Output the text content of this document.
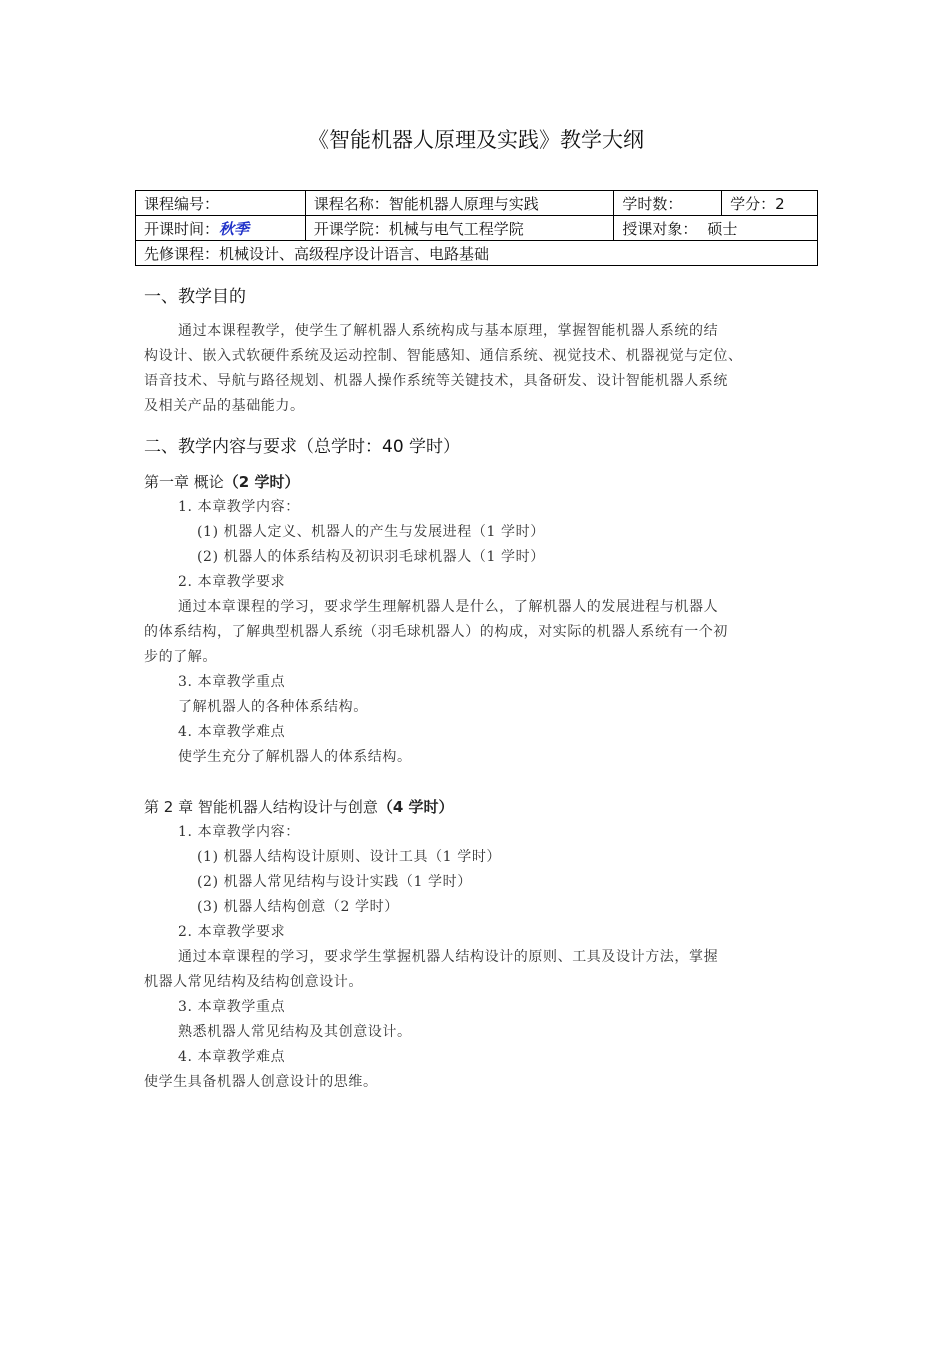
《智能机器人原理及实践》教学大纲
课程编号：	课程名称：智能机器人原理与实践	学时数：	学分：2
开课时间：秋季	开课学院：机械与电气工程学院	授课对象： 硕士	
先修课程：机械设计、高级程序设计语言、电路基础			
一、教学目的
通过本课程教学，使学生了解机器人系统构成与基本原理，掌握智能机器人系统的结
构设计、嵌入式软硬件系统及运动控制、智能感知、通信系统、视觉技术、机器视觉与定位、
语音技术、导航与路径规划、机器人操作系统等关键技术，具备研发、设计智能机器人系统
及相关产品的基础能力。
二、教学内容与要求（总学时：40 学时）
第一章 概论（2 学时）
1. 本章教学内容：
(1) 机器人定义、机器人的产生与发展进程（1 学时）
(2) 机器人的体系结构及初识羽毛球机器人（1 学时）
2. 本章教学要求
通过本章课程的学习，要求学生理解机器人是什么，了解机器人的发展进程与机器人
的体系结构，了解典型机器人系统（羽毛球机器人）的构成，对实际的机器人系统有一个初
步的了解。
3. 本章教学重点
了解机器人的各种体系结构。
4. 本章教学难点
使学生充分了解机器人的体系结构。
第 2 章 智能机器人结构设计与创意（4 学时）
1. 本章教学内容：
(1) 机器人结构设计原则、设计工具（1 学时）
(2) 机器人常见结构与设计实践（1 学时）
(3) 机器人结构创意（2 学时）
2. 本章教学要求
通过本章课程的学习，要求学生掌握机器人结构设计的原则、工具及设计方法，掌握
机器人常见结构及结构创意设计。
3. 本章教学重点
熟悉机器人常见结构及其创意设计。
4. 本章教学难点
使学生具备机器人创意设计的思维。
